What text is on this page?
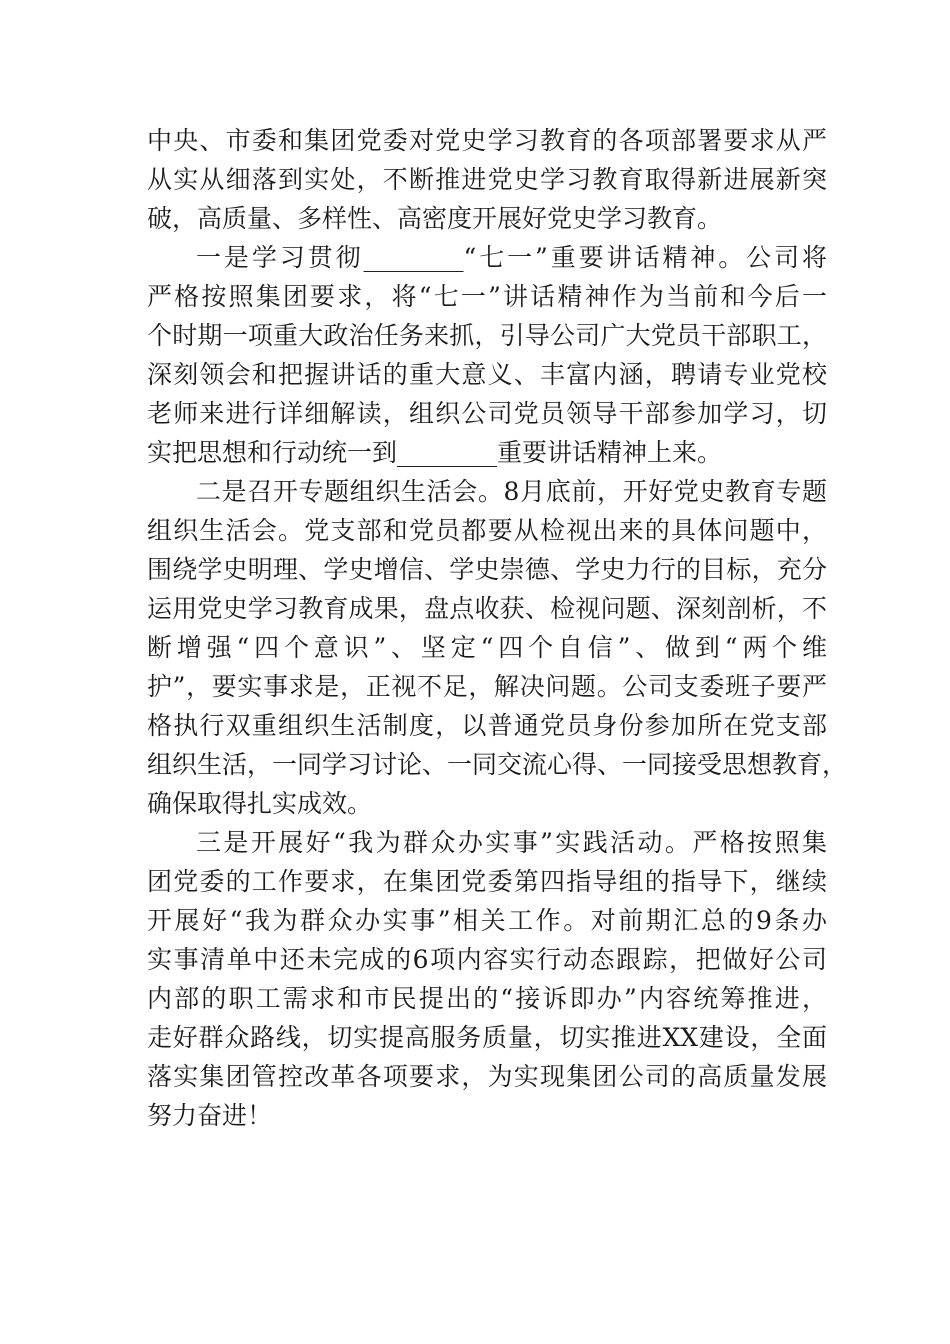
中央、市委和集团党委对党史学习教育的各项部署要求从严
从实从细落到实处，不断推进党史学习教育取得新进展新突
破，高质量、多样性、高密度开展好党史学习教育。
一是学习贯彻________“七一”重要讲话精神。公司将
严格按照集团要求，将“七一”讲话精神作为当前和今后一
个时期一项重大政治任务来抓，引导公司广大党员干部职工，
深刻领会和把握讲话的重大意义、丰富内涵，聘请专业党校
老师来进行详细解读，组织公司党员领导干部参加学习，切
实把思想和行动统一到________重要讲话精神上来。
二是召开专题组织生活会。8月底前，开好党史教育专题
组织生活会。党支部和党员都要从检视出来的具体问题中，
围绕学史明理、学史增信、学史崇德、学史力行的目标，充分
运用党史学习教育成果，盘点收获、检视问题、深刻剖析，不
断增强“四个意识”、坚定“四个自信”、做到“两个维
护”，要实事求是，正视不足，解决问题。公司支委班子要严
格执行双重组织生活制度，以普通党员身份参加所在党支部
组织生活，一同学习讨论、一同交流心得、一同接受思想教育，
确保取得扎实成效。
三是开展好“我为群众办实事”实践活动。严格按照集
团党委的工作要求，在集团党委第四指导组的指导下，继续
开展好“我为群众办实事”相关工作。对前期汇总的9条办
实事清单中还未完成的6项内容实行动态跟踪，把做好公司
内部的职工需求和市民提出的“接诉即办”内容统筹推进，
走好群众路线，切实提高服务质量，切实推进XX建设，全面
落实集团管控改革各项要求，为实现集团公司的高质量发展
努力奋进！
